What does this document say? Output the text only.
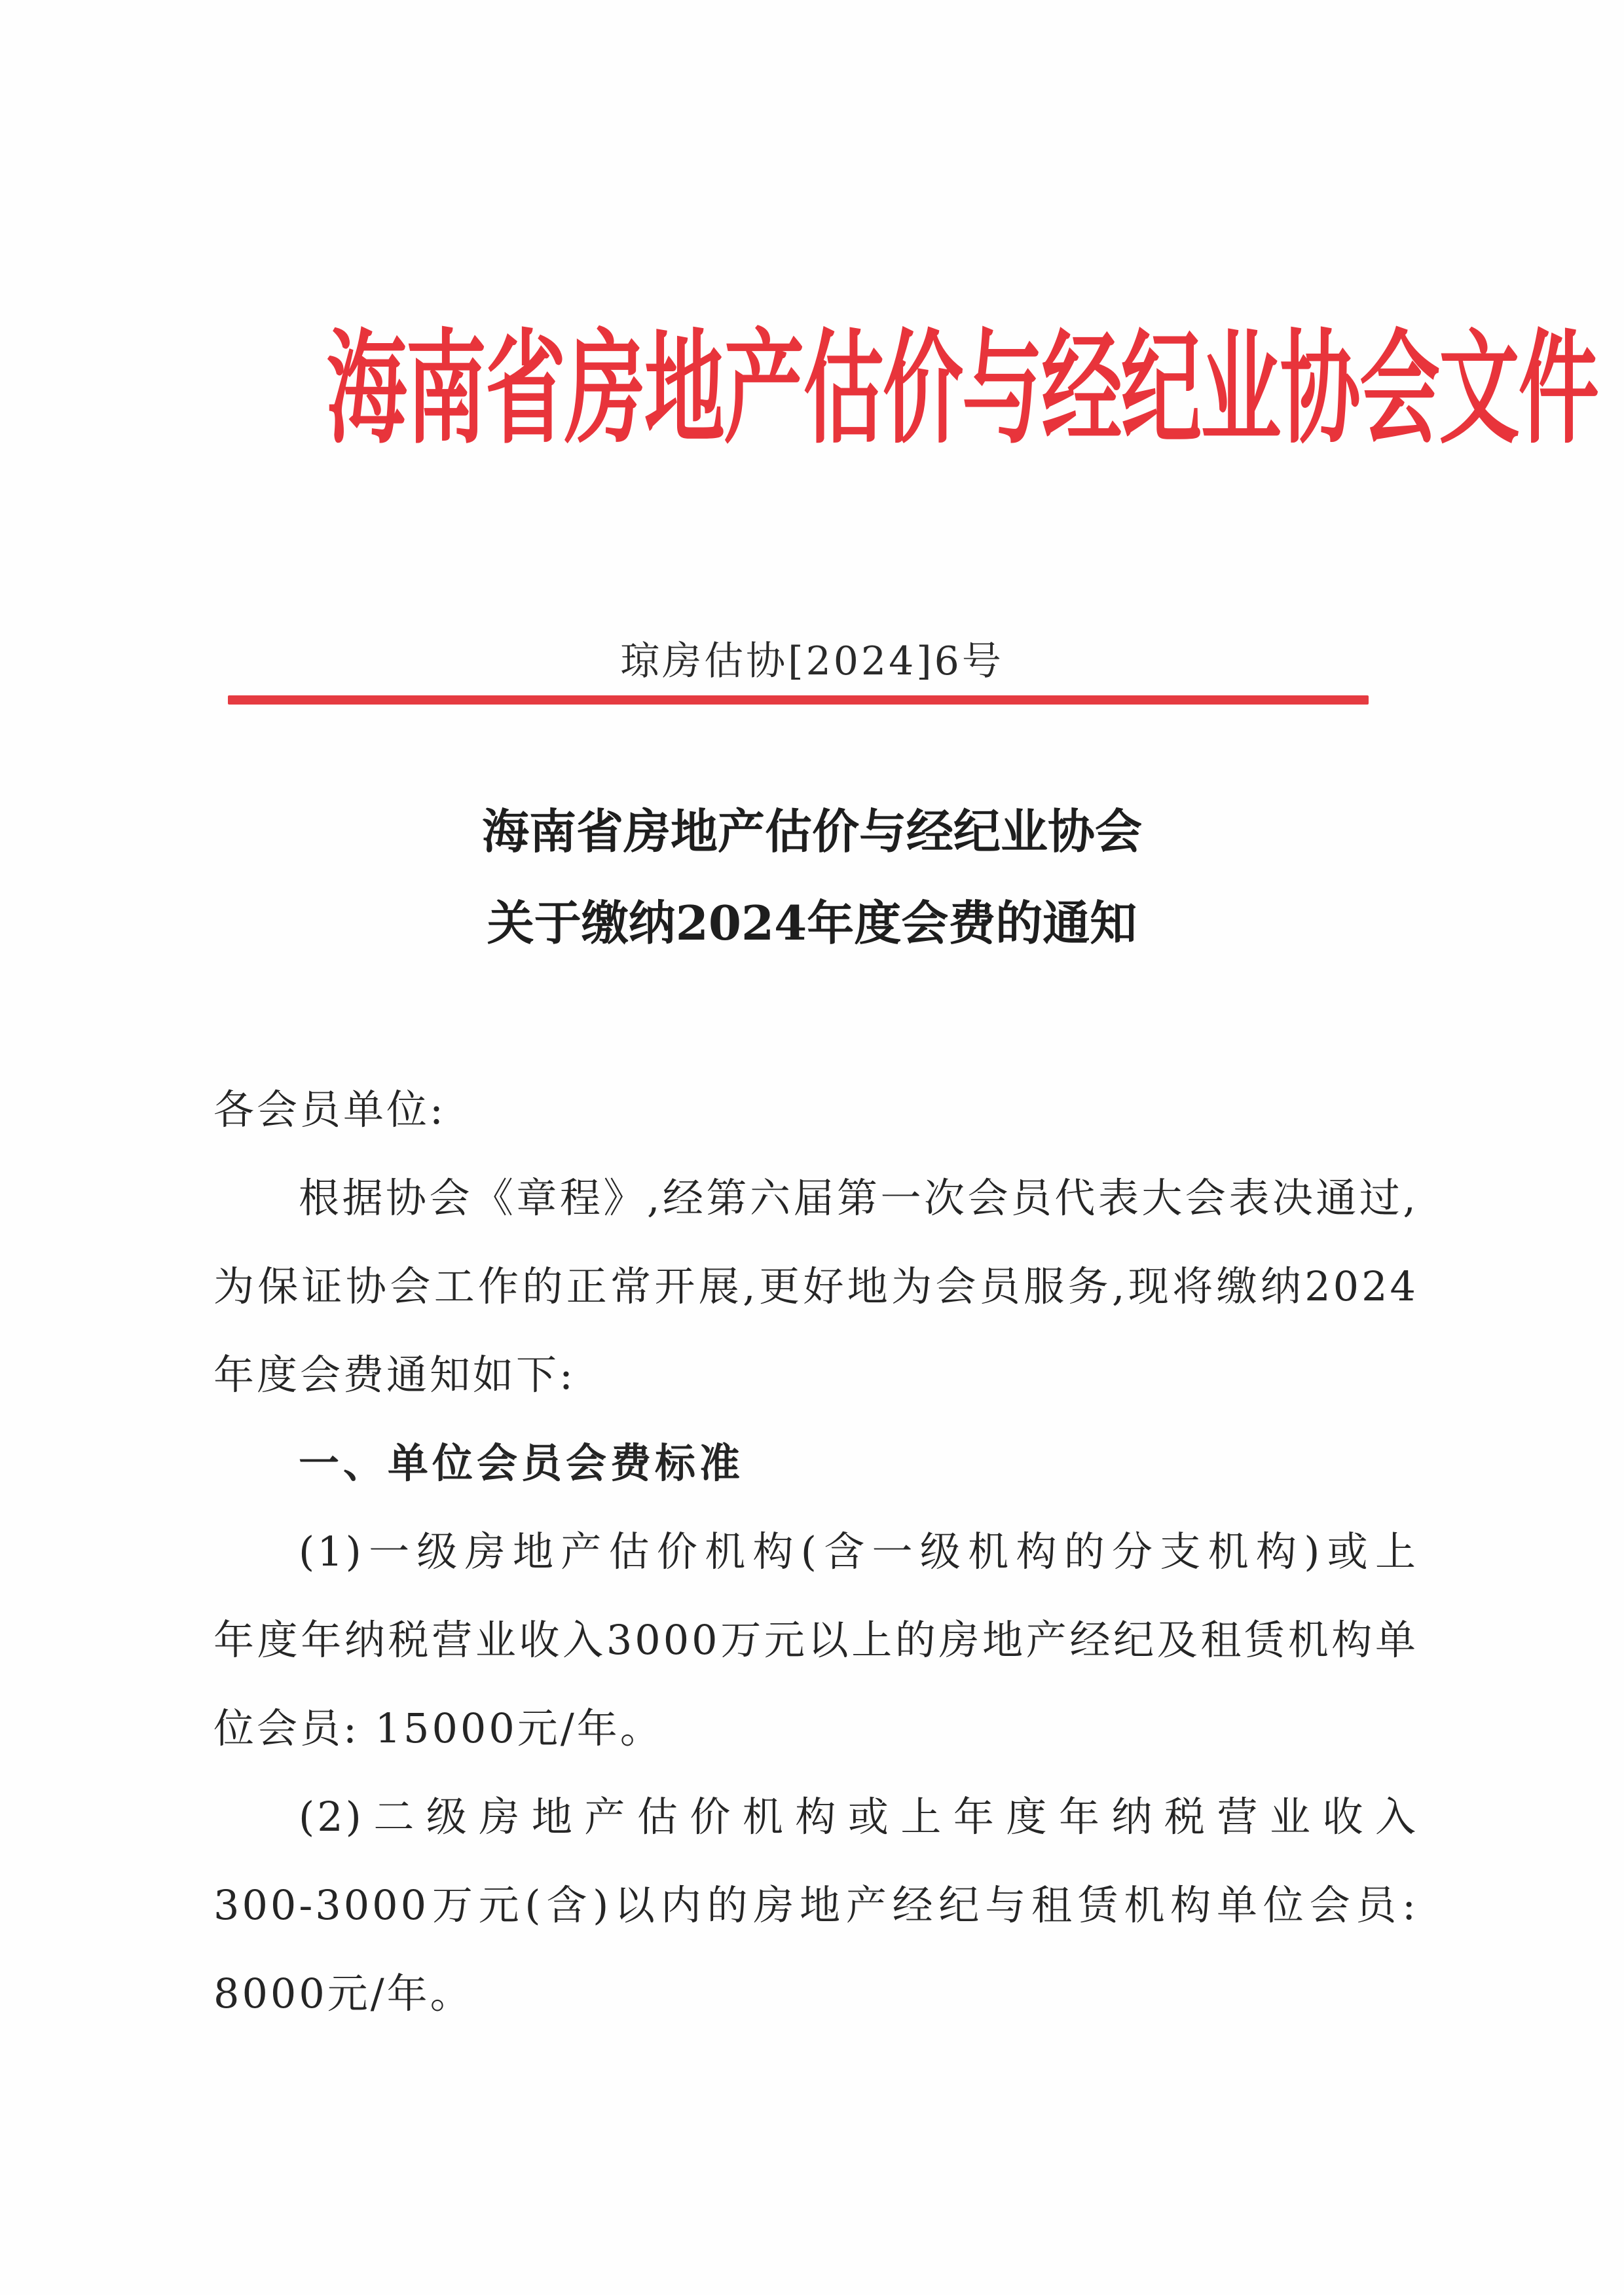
海南省房地产估价与经纪业协会文件
琼房估协[2024]6号
海南省房地产估价与经纪业协会
关于缴纳2024年度会费的通知
各会员单位:
根据协会《章程》,经第六届第一次会员代表大会表决通过,
为保证协会工作的正常开展,更好地为会员服务,现将缴纳2024
年度会费通知如下:
一、单位会员会费标准
(1)一级房地产估价机构(含一级机构的分支机构)或上
年度年纳税营业收入3000万元以上的房地产经纪及租赁机构单
位会员: 15000元/年。
(2)二级房地产估价机构或上年度年纳税营业收入
300-3000万元(含)以内的房地产经纪与租赁机构单位会员:
8000元/年。
